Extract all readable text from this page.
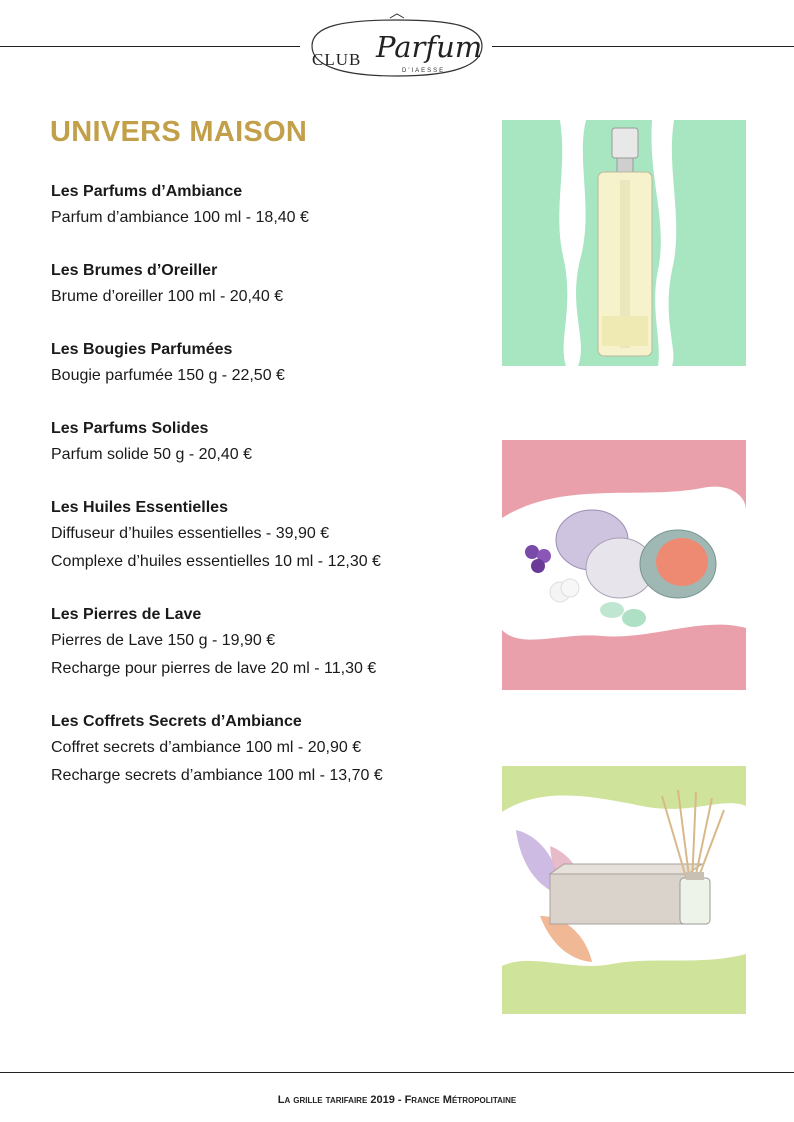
CLUB Parfum
D'IAESSE
UNIVERS MAISON

Les Parfums d’Ambiance

Parfum d’ambiance 100 ml - 18,40 €

Les Brumes d’Oreiller

Brume d’oreiller 100 ml - 20,40 €

Les Bougies Parfumées

Bougie parfumée 150 g - 22,50 €

Les Parfums Solides

Parfum solide 50 g - 20,40 €

Les Huiles Essentielles

Diffuseur d’huiles essentielles - 39,90 €

Complexe d’huiles essentielles 10 ml - 12,30 €

Les Pierres de Lave

Pierres de Lave 150 g - 19,90 €

Recharge pour pierres de lave 20 ml - 11,30 €

Les Coffrets Secrets d’Ambiance

Coffret secrets d’ambiance 100 ml - 20,90 €

Recharge secrets d’ambiance 100 ml - 13,70 €

La grille tarifaire 2019 - France Métropolitaine
